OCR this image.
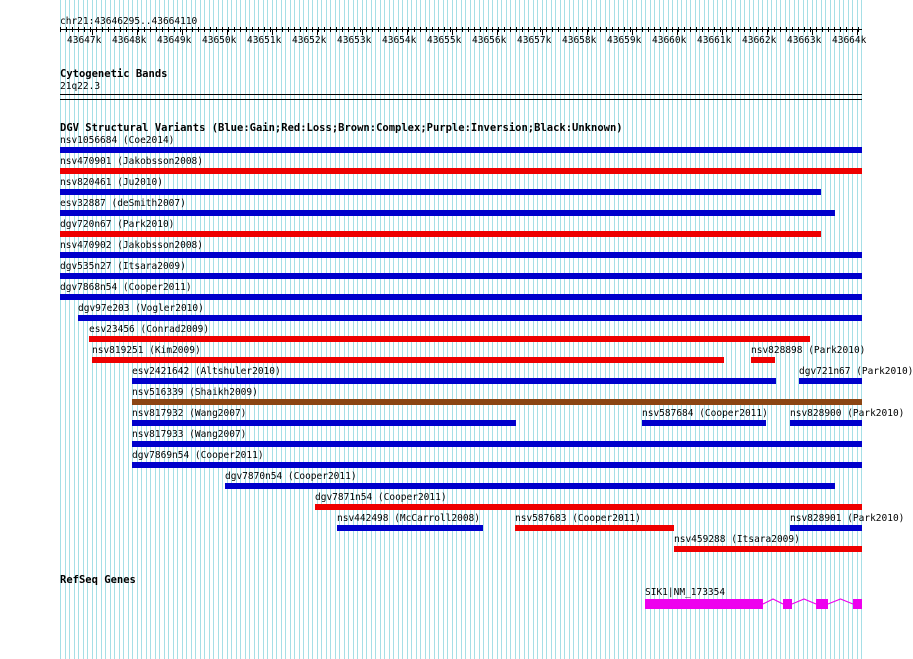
chr21:43646295..43664110
43647k 43648k 43649k 43650k 43651k 43652k 43653k 43654k 43655k 43656k 43657k 43658k 43659k 43660k 43661k 43662k 43663k 43664k
Cytogenetic Bands
21q22.3
DGV Structural Variants (Blue:Gain;Red:Loss;Brown:Complex;Purple:Inversion;Black:Unknown)
nsv1056684 (Coe2014)
nsv470901 (Jakobsson2008)
nsv820461 (Ju2010)
esv32887 (deSmith2007)
dgv720n67 (Park2010)
nsv470902 (Jakobsson2008)
dgv535n27 (Itsara2009)
dgv7868n54 (Cooper2011)
dgv97e203 (Vogler2010)
esv23456 (Conrad2009)
nsv819251 (Kim2009)	nsv828898 (Park2010)
esv2421642 (Altshuler2010)	dgv721n67 (Park2010)
nsv516339 (Shaikh2009)
nsv817932 (Wang2007)	nsv587684 (Cooper2011) nsv828900 (Park2010)
nsv817933 (Wang2007)
dgv7869n54 (Cooper2011)
dgv7870n54 (Cooper2011)
dgv7871n54 (Cooper2011)
nsv442498 (McCarroll2008)	nsv587683 (Cooper2011)	nsv828901 (Park2010)
nsv459288 (Itsara2009)
RefSeq Genes
SIK1|NM_173354
